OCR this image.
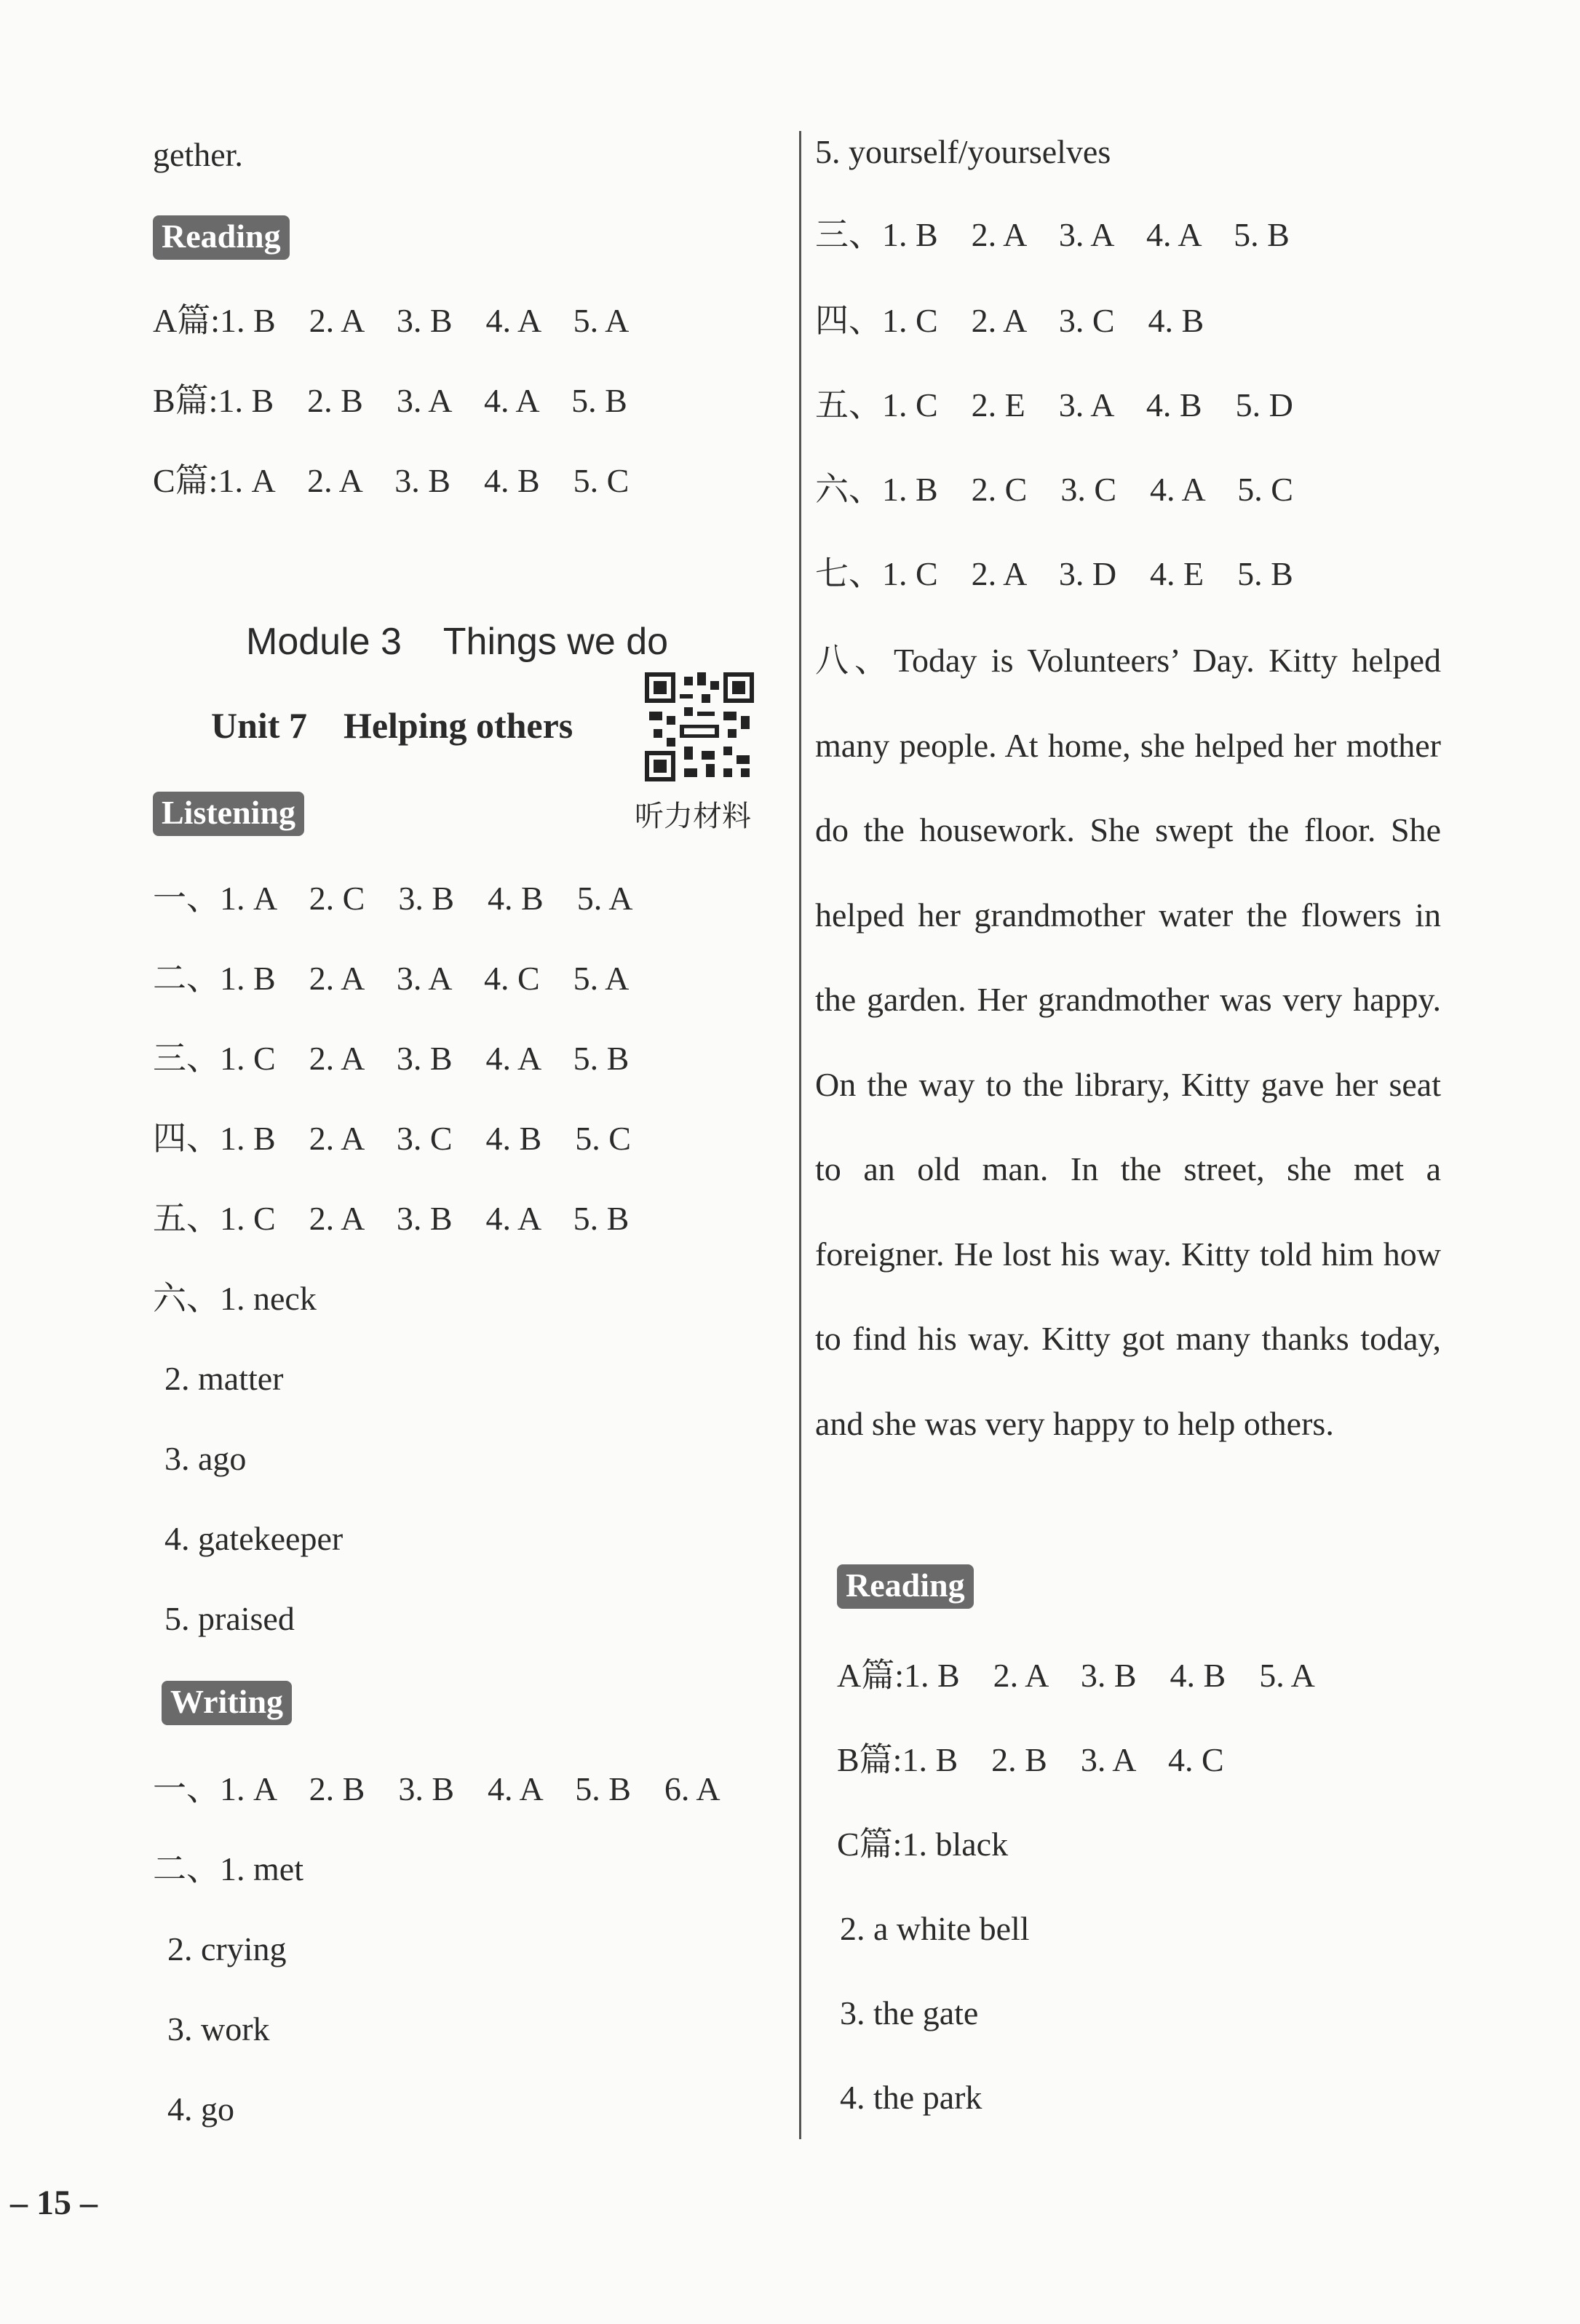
gether.
Reading
A篇:1. B    2. A    3. B    4. A    5. A
B篇:1. B    2. B    3. A    4. A    5. B
C篇:1. A    2. A    3. B    4. B    5. C
Module 3    Things we do
Unit 7    Helping others
听力材料
Listening
一、1. A    2. C    3. B    4. B    5. A
二、1. B    2. A    3. A    4. C    5. A
三、1. C    2. A    3. B    4. A    5. B
四、1. B    2. A    3. C    4. B    5. C
五、1. C    2. A    3. B    4. A    5. B
六、1. neck
2. matter
3. ago
4. gatekeeper
5. praised
Writing
一、1. A    2. B    3. B    4. A    5. B    6. A
二、1. met
2. crying
3. work
4. go
5. yourself/yourselves
三、1. B    2. A    3. A    4. A    5. B
四、1. C    2. A    3. C    4. B
五、1. C    2. E    3. A    4. B    5. D
六、1. B    2. C    3. C    4. A    5. C
七、1. C    2. A    3. D    4. E    5. B
八、Today is Volunteers’ Day. Kitty helped many people. At home, she helped her mother do the housework. She swept the floor. She helped her grandmother water the flowers in the garden. Her grandmother was very happy. On the way to the library, Kitty gave her seat to an old man. In the street, she met a foreigner. He lost his way. Kitty told him how to find his way. Kitty got many thanks today, and she was very happy to help others.
Reading
A篇:1. B    2. A    3. B    4. B    5. A
B篇:1. B    2. B    3. A    4. C
C篇:1. black
2. a white bell
3. the gate
4. the park
– 15 –
